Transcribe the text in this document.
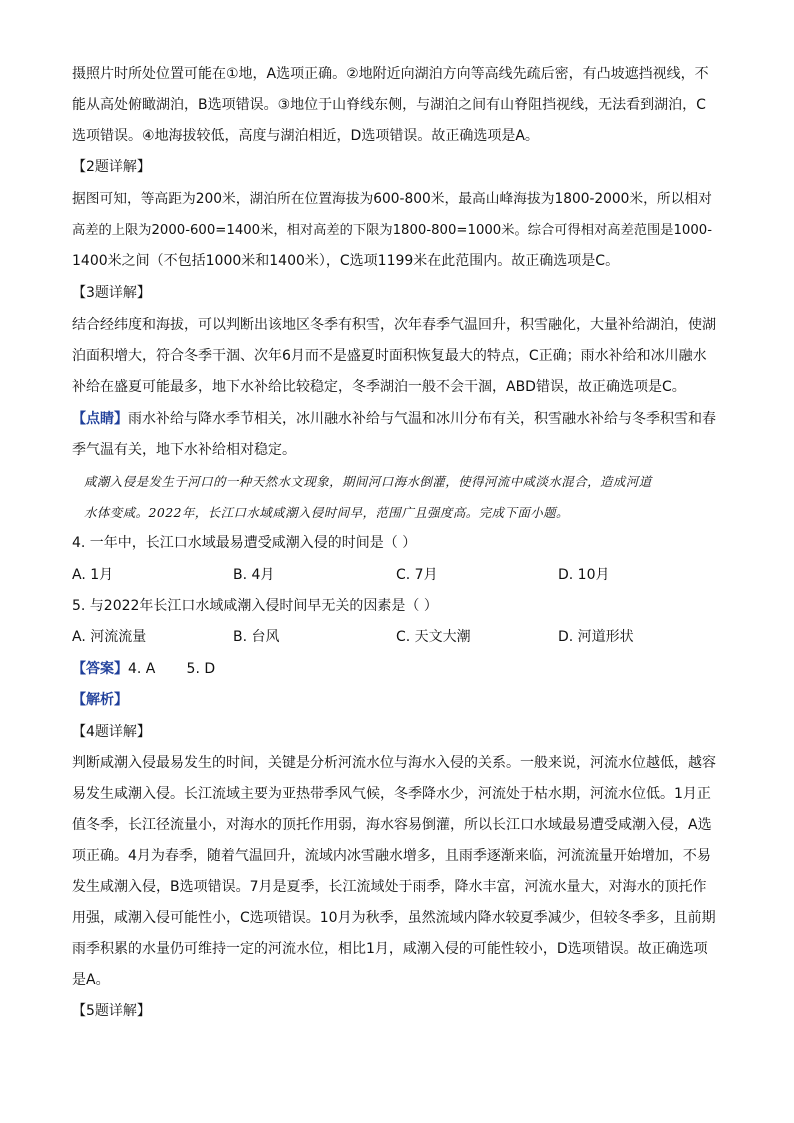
摄照片时所处位置可能在①地，A选项正确。②地附近向湖泊方向等高线先疏后密，有凸坡遮挡视线，不
能从高处俯瞰湖泊，B选项错误。③地位于山脊线东侧，与湖泊之间有山脊阻挡视线，无法看到湖泊，C
选项错误。④地海拔较低，高度与湖泊相近，D选项错误。故正确选项是A。

【2题详解】

据图可知，等高距为200米，湖泊所在位置海拔为600-800米，最高山峰海拔为1800-2000米，所以相对
高差的上限为2000-600=1400米，相对高差的下限为1800-800=1000米。综合可得相对高差范围是1000-
1400米之间（不包括1000米和1400米），C选项1199米在此范围内。故正确选项是C。

【3题详解】

结合经纬度和海拔，可以判断出该地区冬季有积雪，次年春季气温回升，积雪融化，大量补给湖泊，使湖
泊面积增大，符合冬季干涸、次年6月而不是盛夏时面积恢复最大的特点，C正确；雨水补给和冰川融水
补给在盛夏可能最多，地下水补给比较稳定，冬季湖泊一般不会干涸，ABD错误，故正确选项是C。
【点睛】雨水补给与降水季节相关，冰川融水补给与气温和冰川分布有关，积雪融水补给与冬季积雪和春
季气温有关，地下水补给相对稳定。
咸潮入侵是发生于河口的一种天然水文现象，期间河口海水倒灌，使得河流中咸淡水混合，造成河道
水体变咸。2022年，长江口水域咸潮入侵时间早，范围广且强度高。完成下面小题。

4. 一年中，长江口水域最易遭受咸潮入侵的时间是（ ）

A. 1月	B. 4月	C. 7月	D. 10月

5. 与2022年长江口水域咸潮入侵时间早无关的因素是（ ）

A. 河流流量	B. 台风	C. 天文大潮	D. 河道形状

【答案】4. A       5. D

【解析】

【4题详解】

判断咸潮入侵最易发生的时间，关键是分析河流水位与海水入侵的关系。一般来说，河流水位越低，越容
易发生咸潮入侵。长江流域主要为亚热带季风气候，冬季降水少，河流处于枯水期，河流水位低。1月正
值冬季，长江径流量小，对海水的顶托作用弱，海水容易倒灌，所以长江口水域最易遭受咸潮入侵，A选
项正确。4月为春季，随着气温回升，流域内冰雪融水增多，且雨季逐渐来临，河流流量开始增加，不易
发生咸潮入侵，B选项错误。7月是夏季，长江流域处于雨季，降水丰富，河流水量大，对海水的顶托作
用强，咸潮入侵可能性小，C选项错误。10月为秋季，虽然流域内降水较夏季减少，但较冬季多，且前期
雨季积累的水量仍可维持一定的河流水位，相比1月，咸潮入侵的可能性较小，D选项错误。故正确选项
是A。

【5题详解】
